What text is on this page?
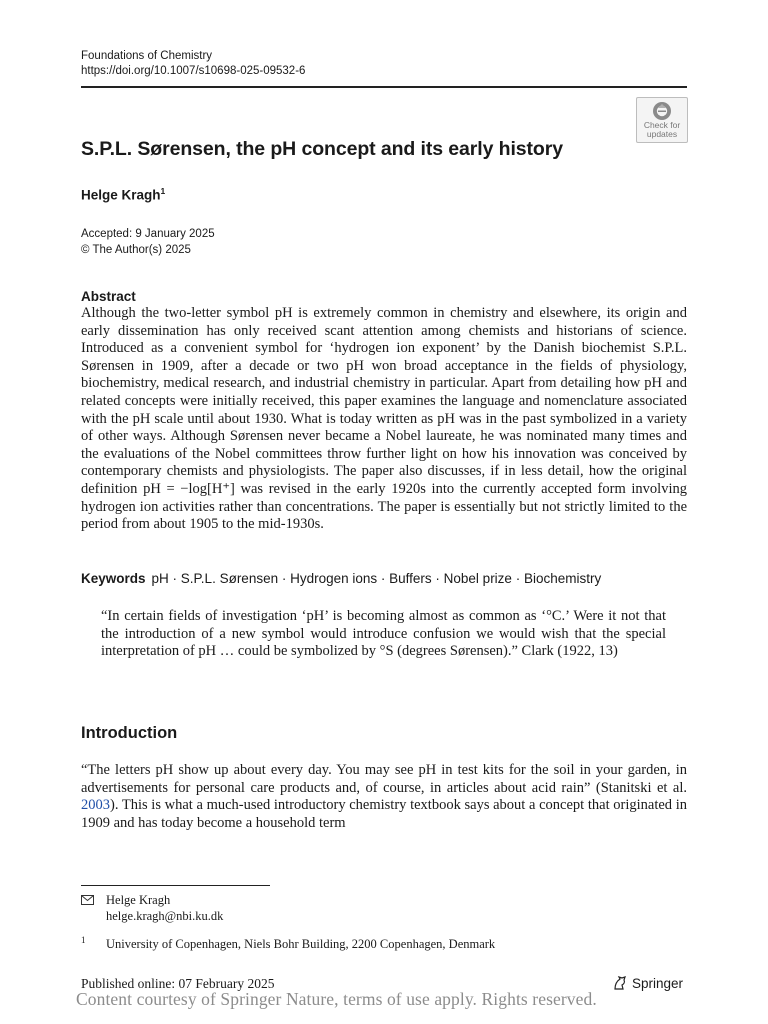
Foundations of Chemistry
https://doi.org/10.1007/s10698-025-09532-6
Check for
updates
S.P.L. Sørensen, the pH concept and its early history
Helge Kragh$^1$
Accepted: 9 January 2025
© The Author(s) 2025
Abstract
Although the two-letter symbol pH is extremely common in chemistry and elsewhere, its origin and early dissemination has only received scant attention among chemists and historians of science. Introduced as a convenient symbol for ‘hydrogen ion exponent’ by the Danish biochemist S.P.L. Sørensen in 1909, after a decade or two pH won broad acceptance in the fields of physiology, biochemistry, medical research, and industrial chemistry in particular. Apart from detailing how pH and related concepts were initially received, this paper examines the language and nomenclature associated with the pH scale until about 1930. What is today written as pH was in the past symbolized in a variety of other ways. Although Sørensen never became a Nobel laureate, he was nominated many times and the evaluations of the Nobel committees throw further light on how his innovation was conceived by contemporary chemists and physiologists. The paper also discusses, if in less detail, how the original definition pH = −log[H⁺] was revised in the early 1920s into the currently accepted form involving hydrogen ion activities rather than concentrations. The paper is essentially but not strictly limited to the period from about 1905 to the mid-1930s.
Keywords pH · S.P.L. Sørensen · Hydrogen ions · Buffers · Nobel prize · Biochemistry
“In certain fields of investigation ‘pH’ is becoming almost as common as ‘°C.’ Were it not that the introduction of a new symbol would introduce confusion we would wish that the special interpretation of pH … could be symbolized by °S (degrees Sørensen).” Clark (1922, 13)
Introduction
“The letters pH show up about every day. You may see pH in test kits for the soil in your garden, in advertisements for personal care products and, of course, in articles about acid rain” (Stanitski et al. 2003). This is what a much-used introductory chemistry textbook says about a concept that originated in 1909 and has today become a household term
Helge Kragh
helge.kragh@nbi.ku.dk
1 University of Copenhagen, Niels Bohr Building, 2200 Copenhagen, Denmark
Published online: 07 February 2025	Springer
Content courtesy of Springer Nature, terms of use apply. Rights reserved.
